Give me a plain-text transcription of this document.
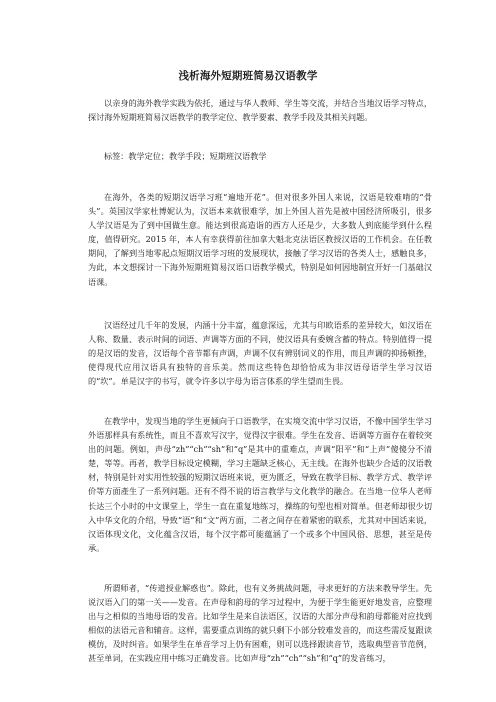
浅析海外短期班简易汉语教学

以亲身的海外教学实践为依托，通过与华人教师、学生等交流，并结合当地汉语学习特点，探讨海外短期班简易汉语教学的教学定位、教学要素、教学手段及其相关问题。

标签：教学定位；教学手段；短期班汉语教学

在海外，各类的短期汉语学习班“遍地开花”。但对很多外国人来说，汉语是较难啃的“骨头”。英国汉学家杜博妮认为，汉语本来就很难学，加上外国人首先是被中国经济所吸引，很多人学汉语是为了到中国做生意。能达到很高造诣的西方人还是少，大多数人到底能学到什么程度，值得研究。2015 年，本人有幸获得前往加拿大魁北克法语区教授汉语的工作机会。在任教期间，了解到当地零起点短期汉语学习班的发展现状，接触了学习汉语的各类人士，感触良多，为此，本文想探讨一下海外短期班简易汉语口语教学模式，特别是如何因地制宜开好一门基础汉语课。

汉语经过几千年的发展，内涵十分丰富，蕴意深远，尤其与印欧语系的差异较大，如汉语在人称、数量、表示时间的词语、声调等方面的不同，使汉语具有委婉含蓄的特点。特别值得一提的是汉语的发音，汉语每个音节都有声调，声调不仅有辨别词义的作用，而且声调的抑扬顿挫，使得现代应用汉语具有独特的音乐美。然而这些特色却恰恰成为非汉语母语学生学习汉语的“坎”。单是汉字的书写，就令许多以字母为语言体系的学生望而生畏。

在教学中，发现当地的学生更倾向于口语教学，在实境交流中学习汉语，不像中国学生学习外语那样具有系统性，而且不喜欢写汉字，觉得汉字很难。学生在发音、语调等方面存在着较突出的问题。例如，声母“zh”“ch”“sh”和“q”是其中的重难点，声调“阳平”和“上声”傻傻分不清楚，等等。再者，教学目标设定模糊，学习主题缺乏核心，无主线。在海外也缺少合适的汉语教材，特别是针对实用性较强的短期汉语班来说，更为匮乏，导致在教学目标、教学方式、教学评价等方面產生了一系列问题。还有不得不说的语言教学与文化教学的融合。在当地一位华人老师长达三个小时的中文课堂上，学生一直在重复地练习，操练的句型也相对简单。但老师却很少切入中华文化的介绍，导致“语”和“文”两方面，二者之间存在着紧密的联系，尤其对中国话来说，汉语体现文化，文化蕴含汉语，每个汉字都可能蕴涵了一个或多个中国风俗、思想，甚至是传承。

所谓师者，“传道授业解惑也”。除此，也有义务挑战问题，寻求更好的方法来教导学生。先说汉语入门的第一关——发音。在声母和韵母的学习过程中，为便于学生能更好地发音，应整理出与之相似的当地母语的发音。比如学生是来自法语区，汉语的大部分声母和韵母都能对应找到相似的法语元音和辅音。这样，需要重点训练的就只剩下小部分较难发音的，而这些需反复跟读模仿，及时纠音。如果学生在单音学习上仍有困难，则可以选择跟读音节，选取典型音节范例，甚至单词，在实践应用中练习正确发音。比如声母“zh”“ch”“sh”和“q”的发音练习，
